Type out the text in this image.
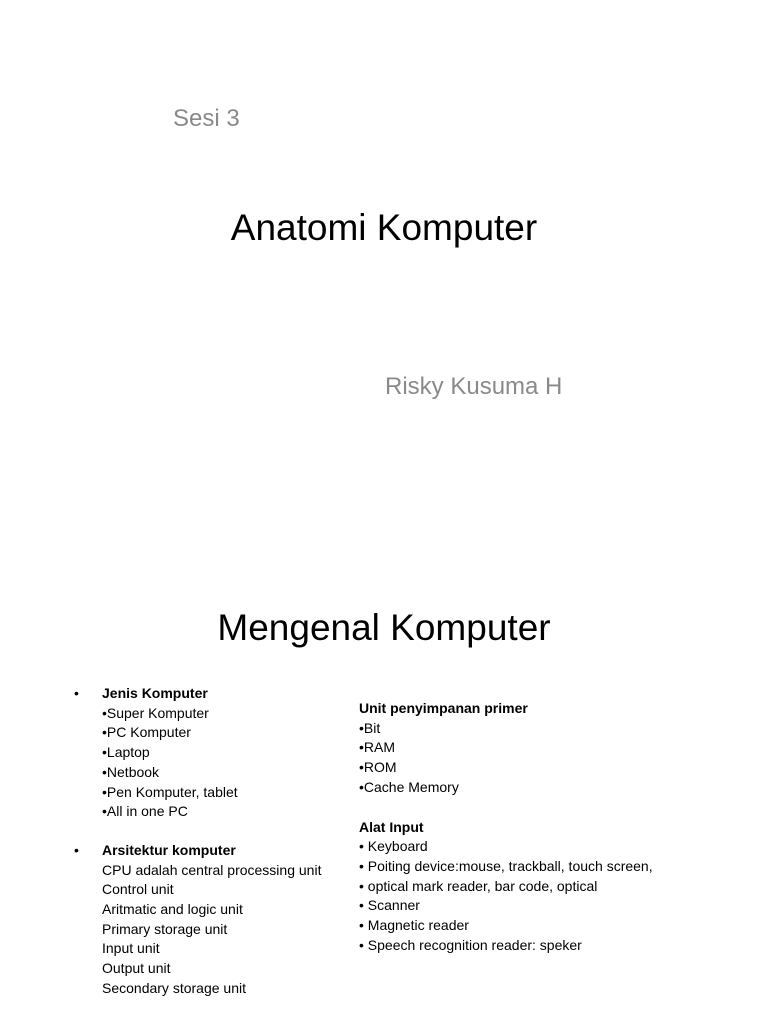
Sesi 3
Anatomi Komputer
Risky Kusuma H
Mengenal Komputer
• Jenis Komputer
•Super Komputer
•PC Komputer
•Laptop
•Netbook
•Pen Komputer, tablet
•All in one PC
• Arsitektur komputer
CPU adalah central processing unit
Control unit
Aritmatic and logic unit
Primary storage unit
Input unit
Output unit
Secondary storage unit
Unit penyimpanan primer
•Bit
•RAM
•ROM
•Cache Memory
Alat Input
• Keyboard
• Poiting device:mouse, trackball, touch screen,
• optical mark reader, bar code, optical
• Scanner
• Magnetic reader
• Speech recognition reader: speker
